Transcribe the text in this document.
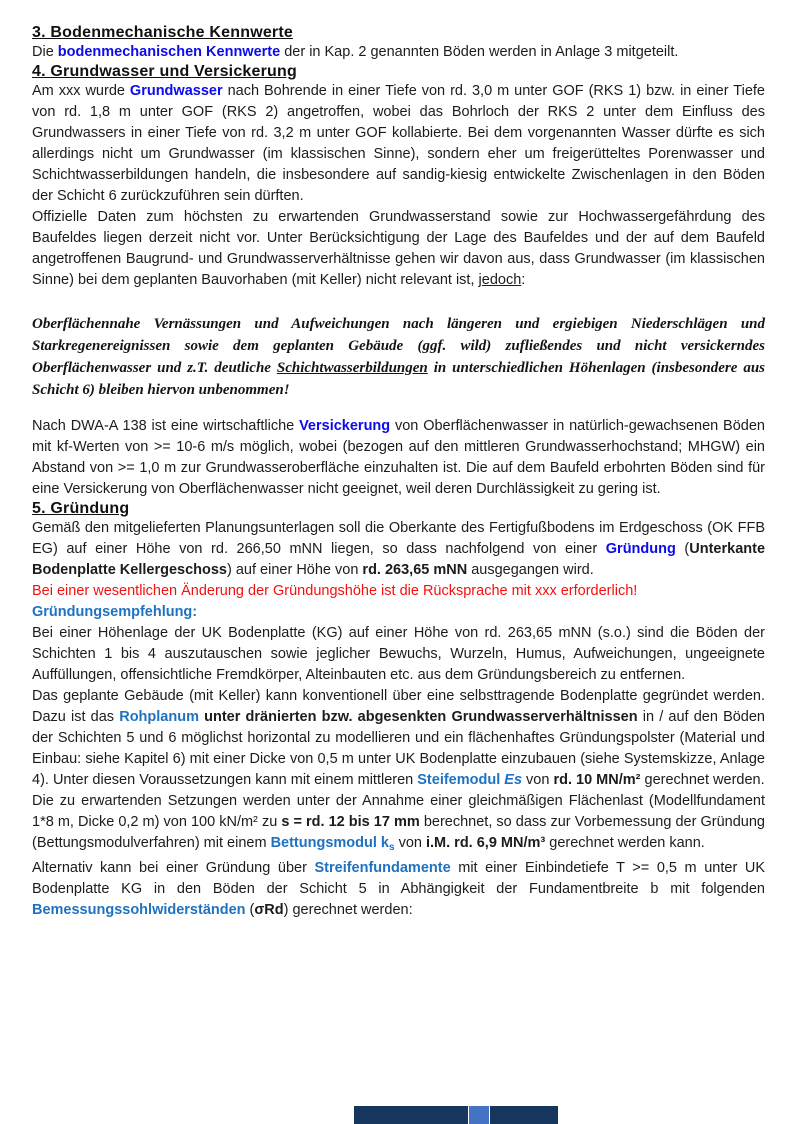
3. Bodenmechanische Kennwerte

Die bodenmechanischen Kennwerte der in Kap. 2 genannten Böden werden in Anlage 3 mitgeteilt.

4. Grundwasser und Versickerung

Am xxx wurde Grundwasser nach Bohrende in einer Tiefe von rd. 3,0 m unter GOF (RKS 1) bzw. in einer Tiefe von rd. 1,8 m unter GOF (RKS 2) angetroffen, wobei das Bohrloch der RKS 2 unter dem Einfluss des Grundwassers in einer Tiefe von rd. 3,2 m unter GOF kollabierte. Bei dem vorgenannten Wasser dürfte es sich allerdings nicht um Grundwasser (im klassischen Sinne), sondern eher um freigerütteltes Porenwasser und Schichtwasserbildungen handeln, die insbesondere auf sandig-kiesig entwickelte Zwischenlagen in den Böden der Schicht 6 zurückzuführen sein dürften.

Offizielle Daten zum höchsten zu erwartenden Grundwasserstand sowie zur Hochwassergefährdung des Baufeldes liegen derzeit nicht vor. Unter Berücksichtigung der Lage des Baufeldes und der auf dem Baufeld angetroffenen Baugrund- und Grundwasserverhältnisse gehen wir davon aus, dass Grundwasser (im klassischen Sinne) bei dem geplanten Bauvorhaben (mit Keller) nicht relevant ist, jedoch:

Oberflächennahe Vernässungen und Aufweichungen nach längeren und ergiebigen Niederschlägen und Starkregenereignissen sowie dem geplanten Gebäude (ggf. wild) zufließendes und nicht versickerndes Oberflächenwasser und z.T. deutliche Schichtwasserbildungen in unterschiedlichen Höhenlagen (insbesondere aus Schicht 6) bleiben hiervon unbenommen!

Nach DWA-A 138 ist eine wirtschaftliche Versickerung von Oberflächenwasser in natürlich-gewachsenen Böden mit kf-Werten von >= 10-6 m/s möglich, wobei (bezogen auf den mittleren Grundwasserhochstand; MHGW) ein Abstand von >= 1,0 m zur Grundwasseroberfläche einzuhalten ist. Die auf dem Baufeld erbohrten Böden sind für eine Versickerung von Oberflächenwasser nicht geeignet, weil deren Durchlässigkeit zu gering ist.

5. Gründung

Gemäß den mitgelieferten Planungsunterlagen soll die Oberkante des Fertigfußbodens im Erdgeschoss (OK FFB EG) auf einer Höhe von rd. 266,50 mNN liegen, so dass nachfolgend von einer Gründung (Unterkante Bodenplatte Kellergeschoss) auf einer Höhe von rd. 263,65 mNN ausgegangen wird.

Bei einer wesentlichen Änderung der Gründungshöhe ist die Rücksprache mit xxx erforderlich!

Gründungsempfehlung:

Bei einer Höhenlage der UK Bodenplatte (KG) auf einer Höhe von rd. 263,65 mNN (s.o.) sind die Böden der Schichten 1 bis 4 auszutauschen sowie jeglicher Bewuchs, Wurzeln, Humus, Aufweichungen, ungeeignete Auffüllungen, offensichtliche Fremdkörper, Alteinbauten etc. aus dem Gründungsbereich zu entfernen.

Das geplante Gebäude (mit Keller) kann konventionell über eine selbsttragende Bodenplatte gegründet werden. Dazu ist das Rohplanum unter dränierten bzw. abgesenkten Grundwasserverhältnissen in / auf den Böden der Schichten 5 und 6 möglichst horizontal zu modellieren und ein flächenhaftes Gründungspolster (Material und Einbau: siehe Kapitel 6) mit einer Dicke von 0,5 m unter UK Bodenplatte einzubauen (siehe Systemskizze, Anlage 4). Unter diesen Voraussetzungen kann mit einem mittleren Steifemodul Es von rd. 10 MN/m² gerechnet werden.

Die zu erwartenden Setzungen werden unter der Annahme einer gleichmäßigen Flächenlast (Modellfundament 1*8 m, Dicke 0,2 m) von 100 kN/m² zu s = rd. 12 bis 17 mm berechnet, so dass zur Vorbemessung der Gründung (Bettungsmodulverfahren) mit einem Bettungsmodul $k_s$ von i.M. rd. 6,9 MN/m³ gerechnet werden kann.

Alternativ kann bei einer Gründung über Streifenfundamente mit einer Einbindetiefe T >= 0,5 m unter UK Bodenplatte KG in den Böden der Schicht 5 in Abhängigkeit der Fundamentbreite b mit folgenden Bemessungssohlwiderständen (σRd) gerechnet werden:
